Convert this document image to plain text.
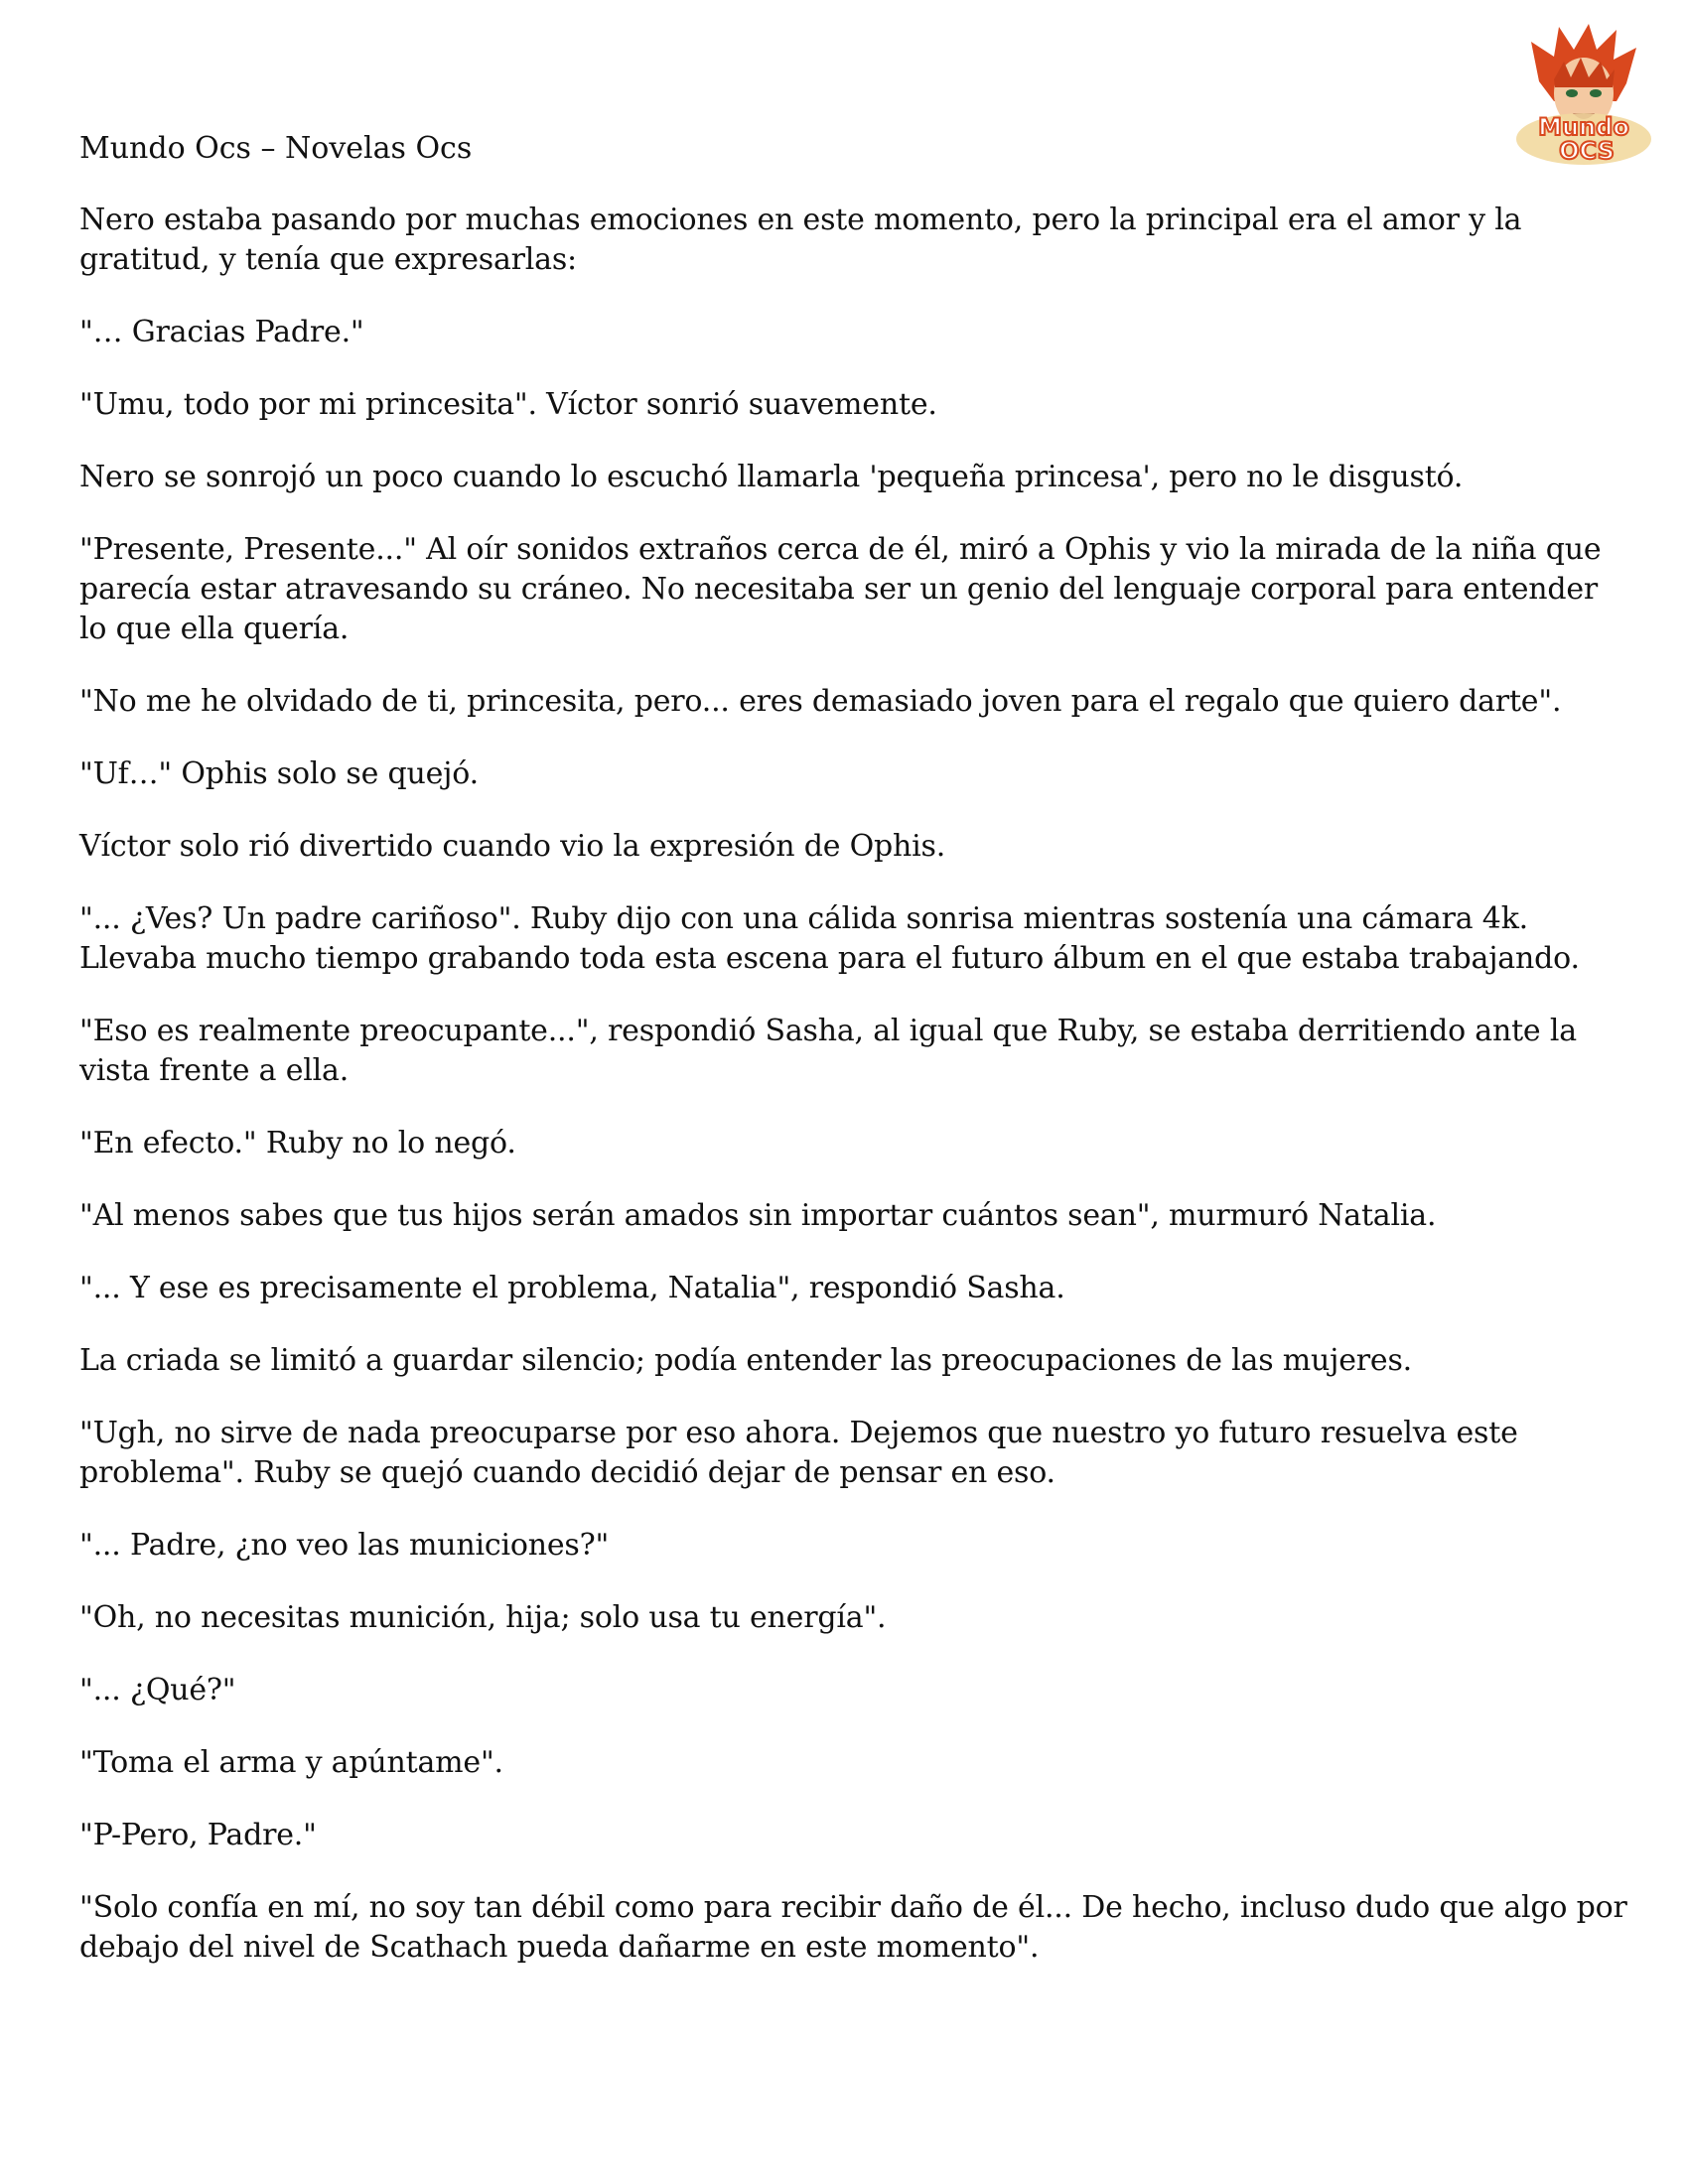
Mundo
OCS
Mundo Ocs – Novelas Ocs

Nero estaba pasando por muchas emociones en este momento, pero la principal era el amor y la gratitud, y tenía que expresarlas:

"… Gracias Padre."

"Umu, todo por mi princesita". Víctor sonrió suavemente.

Nero se sonrojó un poco cuando lo escuchó llamarla 'pequeña princesa', pero no le disgustó.

"Presente, Presente..." Al oír sonidos extraños cerca de él, miró a Ophis y vio la mirada de la niña que parecía estar atravesando su cráneo. No necesitaba ser un genio del lenguaje corporal para entender lo que ella quería.

"No me he olvidado de ti, princesita, pero... eres demasiado joven para el regalo que quiero darte".

"Uf…" Ophis solo se quejó.

Víctor solo rió divertido cuando vio la expresión de Ophis.

"... ¿Ves? Un padre cariñoso". Ruby dijo con una cálida sonrisa mientras sostenía una cámara 4k. Llevaba mucho tiempo grabando toda esta escena para el futuro álbum en el que estaba trabajando.

"Eso es realmente preocupante...", respondió Sasha, al igual que Ruby, se estaba derritiendo ante la vista frente a ella.

"En efecto." Ruby no lo negó.

"Al menos sabes que tus hijos serán amados sin importar cuántos sean", murmuró Natalia.

"... Y ese es precisamente el problema, Natalia", respondió Sasha.

La criada se limitó a guardar silencio; podía entender las preocupaciones de las mujeres.

"Ugh, no sirve de nada preocuparse por eso ahora. Dejemos que nuestro yo futuro resuelva este problema". Ruby se quejó cuando decidió dejar de pensar en eso.

"... Padre, ¿no veo las municiones?"

"Oh, no necesitas munición, hija; solo usa tu energía".

"... ¿Qué?"

"Toma el arma y apúntame".

"P-Pero, Padre."

"Solo confía en mí, no soy tan débil como para recibir daño de él... De hecho, incluso dudo que algo por debajo del nivel de Scathach pueda dañarme en este momento".
